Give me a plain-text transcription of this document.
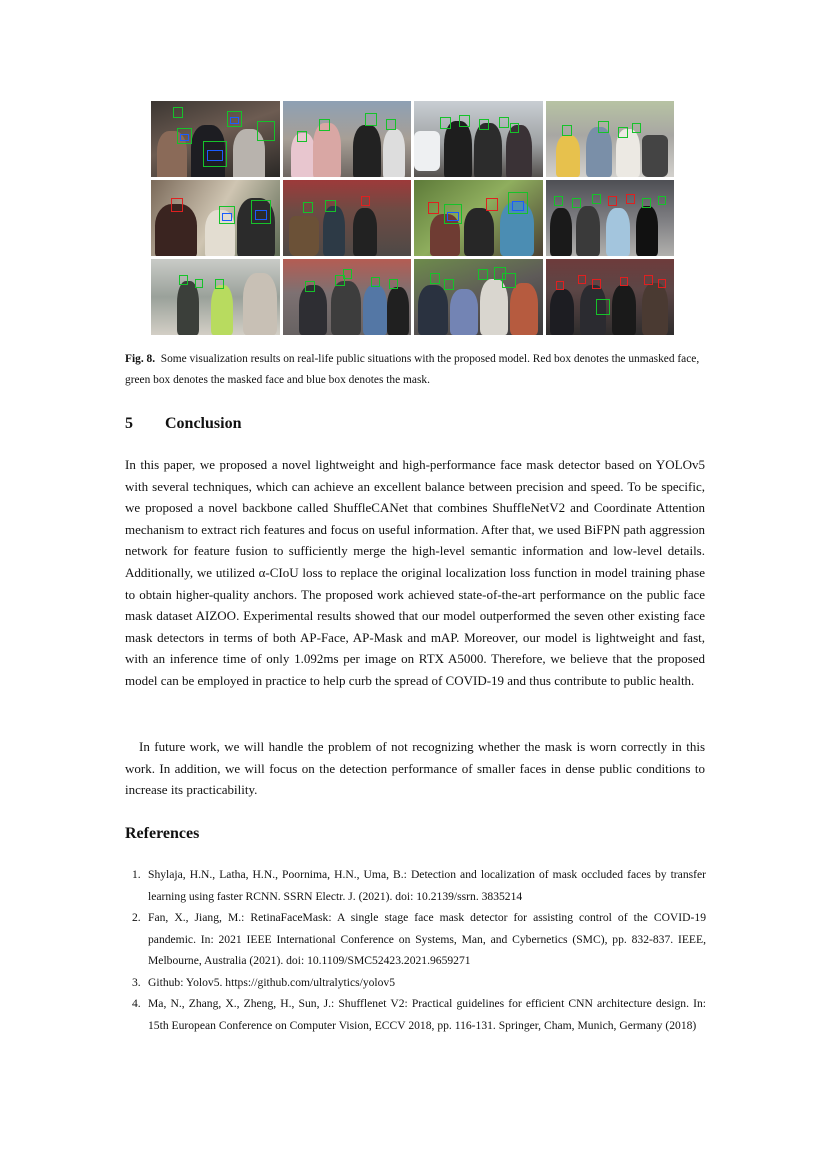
Fig. 8. Some visualization results on real-life public situations with the proposed model. Red box denotes the unmasked face, green box denotes the masked face and blue box denotes the mask.
5 Conclusion

In this paper, we proposed a novel lightweight and high-performance face mask detector based on YOLOv5 with several techniques, which can achieve an excellent balance between precision and speed. To be specific, we proposed a novel backbone called ShuffleCANet that combines ShuffleNetV2 and Coordinate Attention mechanism to extract rich features and focus on useful information. After that, we used BiFPN path aggression network for feature fusion to sufficiently merge the high-level semantic information and low-level details. Additionally, we utilized α-CIoU loss to replace the original localization loss function in model training phase to obtain higher-quality anchors. The proposed work achieved state-of-the-art performance on the public face mask dataset AIZOO. Experimental results showed that our model outperformed the seven other existing face mask detectors in terms of both AP-Face, AP-Mask and mAP. Moreover, our model is lightweight and fast, with an inference time of only 1.092ms per image on RTX A5000. Therefore, we believe that the proposed model can be employed in practice to help curb the spread of COVID-19 and thus contribute to public health.

In future work, we will handle the problem of not recognizing whether the mask is worn correctly in this work. In addition, we will focus on the detection performance of smaller faces in dense public conditions to increase its practicability.

References
1. Shylaja, H.N., Latha, H.N., Poornima, H.N., Uma, B.: Detection and localization of mask occluded faces by transfer learning using faster RCNN. SSRN Electr. J. (2021). doi: 10.2139/ssrn. 3835214
2. Fan, X., Jiang, M.: RetinaFaceMask: A single stage face mask detector for assisting control of the COVID-19 pandemic. In: 2021 IEEE International Conference on Systems, Man, and Cybernetics (SMC), pp. 832-837. IEEE, Melbourne, Australia (2021). doi: 10.1109/SMC52423.2021.9659271
3. Github: Yolov5. https://github.com/ultralytics/yolov5
4. Ma, N., Zhang, X., Zheng, H., Sun, J.: Shufflenet V2: Practical guidelines for efficient CNN architecture design. In: 15th European Conference on Computer Vision, ECCV 2018, pp. 116-131. Springer, Cham, Munich, Germany (2018)
